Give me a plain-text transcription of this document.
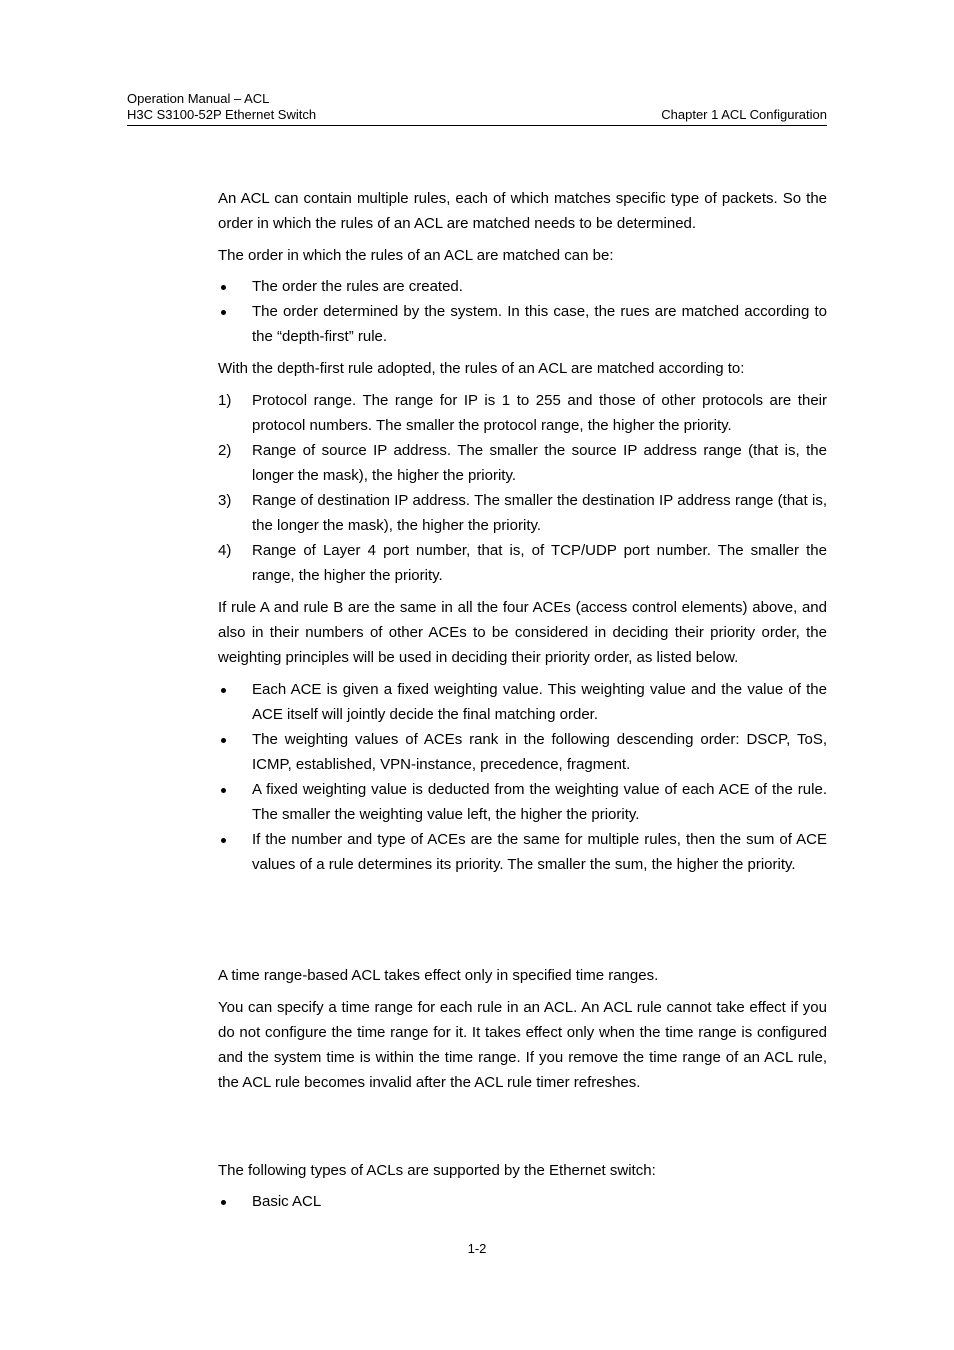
Operation Manual – ACL
H3C S3100-52P Ethernet Switch	Chapter 1 ACL Configuration

An ACL can contain multiple rules, each of which matches specific type of packets. So the order in which the rules of an ACL are matched needs to be determined.

The order in which the rules of an ACL are matched can be:

The order the rules are created.
The order determined by the system. In this case, the rues are matched according to the “depth-first” rule.

With the depth-first rule adopted, the rules of an ACL are matched according to:

1) Protocol range. The range for IP is 1 to 255 and those of other protocols are their protocol numbers. The smaller the protocol range, the higher the priority.
2) Range of source IP address. The smaller the source IP address range (that is, the longer the mask), the higher the priority.
3) Range of destination IP address. The smaller the destination IP address range (that is, the longer the mask), the higher the priority.
4) Range of Layer 4 port number, that is, of TCP/UDP port number. The smaller the range, the higher the priority.

If rule A and rule B are the same in all the four ACEs (access control elements) above, and also in their numbers of other ACEs to be considered in deciding their priority order, the weighting principles will be used in deciding their priority order, as listed below.

Each ACE is given a fixed weighting value. This weighting value and the value of the ACE itself will jointly decide the final matching order.
The weighting values of ACEs rank in the following descending order: DSCP, ToS, ICMP, established, VPN-instance, precedence, fragment.
A fixed weighting value is deducted from the weighting value of each ACE of the rule. The smaller the weighting value left, the higher the priority.
If the number and type of ACEs are the same for multiple rules, then the sum of ACE values of a rule determines its priority. The smaller the sum, the higher the priority.

A time range-based ACL takes effect only in specified time ranges.

You can specify a time range for each rule in an ACL. An ACL rule cannot take effect if you do not configure the time range for it. It takes effect only when the time range is configured and the system time is within the time range. If you remove the time range of an ACL rule, the ACL rule becomes invalid after the ACL rule timer refreshes.

The following types of ACLs are supported by the Ethernet switch:

Basic ACL
1-2
